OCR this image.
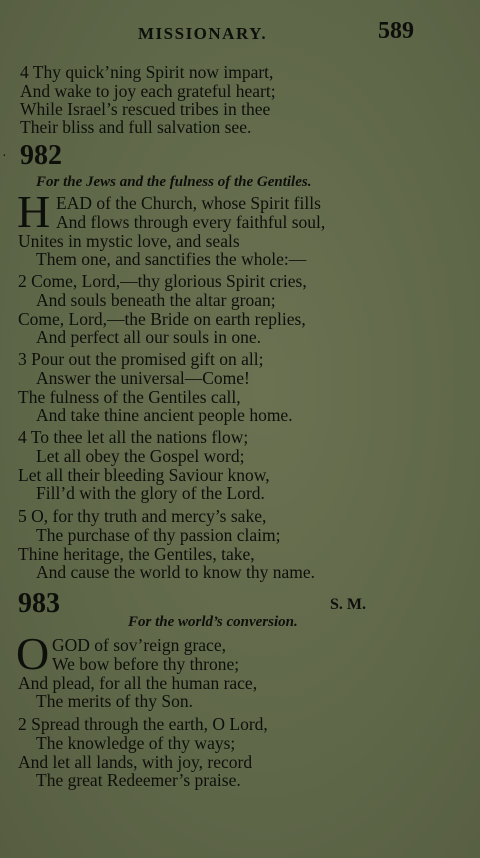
MISSIONARY.	589
4 Thy quick’ning Spirit now impart,
And wake to joy each grateful heart;
While Israel’s rescued tribes in thee
Their bliss and full salvation see.
· 982
For the Jews and the fulness of the Gentiles.
H EAD of the Church, whose Spirit fills
And flows through every faithful soul,
Unites in mystic love, and seals
Them one, and sanctifies the whole:—
2 Come, Lord,—thy glorious Spirit cries,
And souls beneath the altar groan;
Come, Lord,—the Bride on earth replies,
And perfect all our souls in one.
3 Pour out the promised gift on all;
Answer the universal—Come!
The fulness of the Gentiles call,
And take thine ancient people home.
4 To thee let all the nations flow;
Let all obey the Gospel word;
Let all their bleeding Saviour know,
Fill’d with the glory of the Lord.
5 O, for thy truth and mercy’s sake,
The purchase of thy passion claim;
Thine heritage, the Gentiles, take,
And cause the world to know thy name.
983	S. M.
For the world’s conversion.
O GOD of sov’reign grace,
We bow before thy throne;
And plead, for all the human race,
The merits of thy Son.
2 Spread through the earth, O Lord,
The knowledge of thy ways;
And let all lands, with joy, record
The great Redeemer’s praise.
